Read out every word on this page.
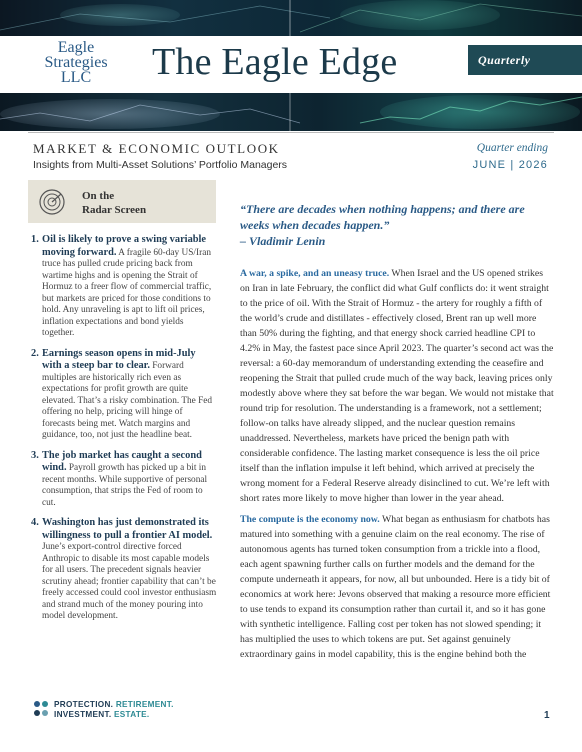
Eagle
Strategies
LLC	The Eagle Edge	Quarterly
MARKET & ECONOMIC OUTLOOK
Insights from Multi-Asset Solutions’ Portfolio Managers
Quarter ending
JUNE | 2026
On the
Radar Screen
1. Oil is likely to prove a swing variable moving forward. A fragile 60-day US/Iran truce has pulled crude pricing back from wartime highs and is opening the Strait of Hormuz to a freer flow of commercial traffic, but markets are priced for those conditions to hold. Any unraveling is apt to lift oil prices, inflation expectations and bond yields together.
2. Earnings season opens in mid-July with a steep bar to clear. Forward multiples are historically rich even as expectations for profit growth are quite elevated. That’s a risky combination. The Fed offering no help, pricing will hinge of forecasts being met. Watch margins and guidance, too, not just the headline beat.
3. The job market has caught a second wind. Payroll growth has picked up a bit in recent months. While supportive of personal consumption, that strips the Fed of room to cut.
4. Washington has just demonstrated its willingness to pull a frontier AI model. June’s export-control directive forced Anthropic to disable its most capable models for all users. The precedent signals heavier scrutiny ahead; frontier capability that can’t be freely accessed could cool investor enthusiasm and strand much of the money pouring into model development.
“There are decades when nothing happens; and there are weeks when decades happen.”
– Vladimir Lenin

A war, a spike, and an uneasy truce. When Israel and the US opened strikes on Iran in late February, the conflict did what Gulf conflicts do: it went straight to the price of oil. With the Strait of Hormuz - the artery for roughly a fifth of the world’s crude and distillates - effectively closed, Brent ran up well more than 50% during the fighting, and that energy shock carried headline CPI to 4.2% in May, the fastest pace since April 2023. The quarter’s second act was the reversal: a 60-day memorandum of understanding extending the ceasefire and reopening the Strait that pulled crude much of the way back, leaving prices only modestly above where they sat before the war began. We would not mistake that round trip for resolution. The understanding is a framework, not a settlement; follow-on talks have already slipped, and the nuclear question remains unaddressed. Nevertheless, markets have priced the benign path with considerable confidence. The lasting market consequence is less the oil price itself than the inflation impulse it left behind, which arrived at precisely the wrong moment for a Federal Reserve already disinclined to cut. We’re left with short rates more likely to move higher than lower in the year ahead.

The compute is the economy now. What began as enthusiasm for chatbots has matured into something with a genuine claim on the real economy. The rise of autonomous agents has turned token consumption from a trickle into a flood, each agent spawning further calls on further models and the demand for the compute underneath it appears, for now, all but unbounded. Here is a tidy bit of economics at work here: Jevons observed that making a resource more efficient to use tends to expand its consumption rather than curtail it, and so it has gone with synthetic intelligence. Falling cost per token has not slowed spending; it has multiplied the uses to which tokens are put. Set against genuinely extraordinary gains in model capability, this is the engine behind both the

PROTECTION. RETIREMENT.
INVESTMENT. ESTATE.	1
